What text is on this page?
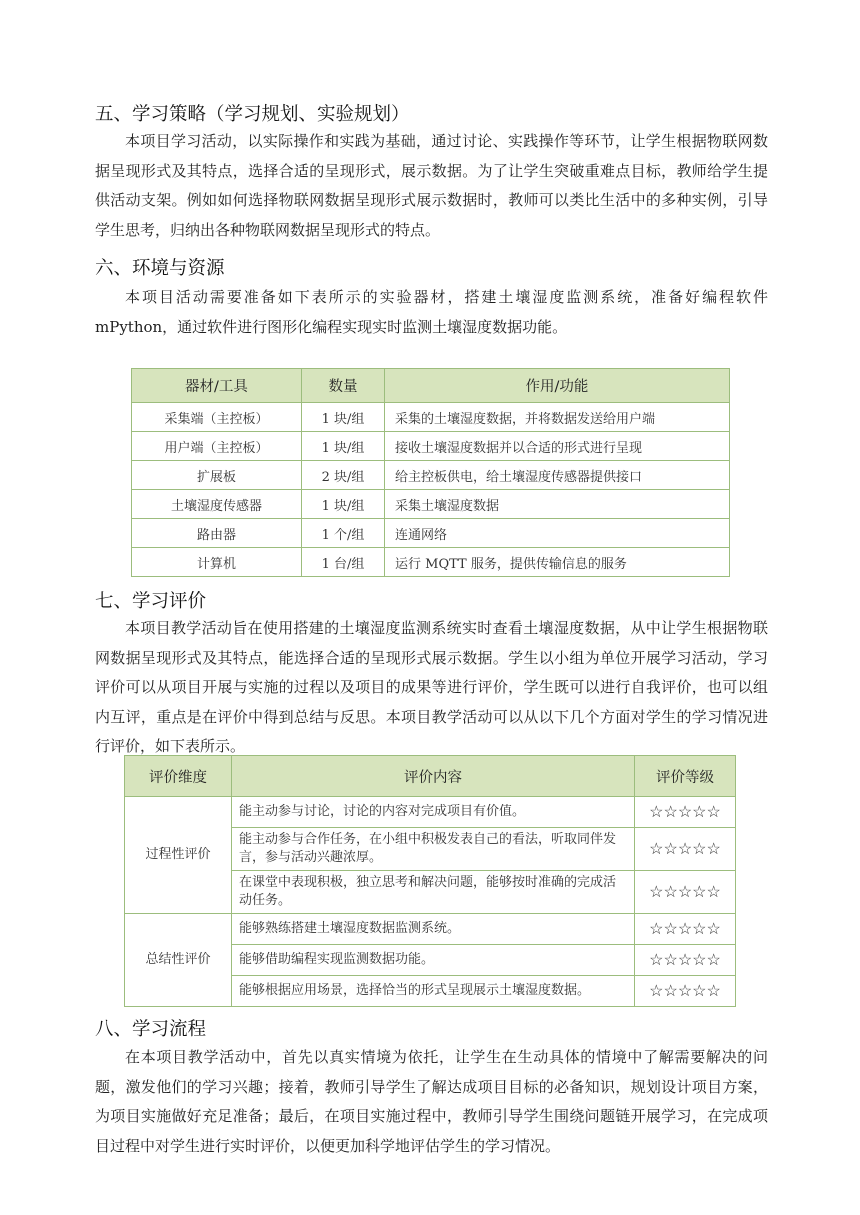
五、学习策略（学习规划、实验规划）

本项目学习活动，以实际操作和实践为基础，通过讨论、实践操作等环节，让学生根据物联网数据呈现形式及其特点，选择合适的呈现形式，展示数据。为了让学生突破重难点目标，教师给学生提供活动支架。例如如何选择物联网数据呈现形式展示数据时，教师可以类比生活中的多种实例，引导学生思考，归纳出各种物联网数据呈现形式的特点。

六、环境与资源

本项目活动需要准备如下表所示的实验器材，搭建土壤湿度监测系统，准备好编程软件mPython，通过软件进行图形化编程实现实时监测土壤湿度数据功能。

器材/工具	数量	作用/功能
采集端（主控板）	1 块/组	采集的土壤湿度数据，并将数据发送给用户端
用户端（主控板）	1 块/组	接收土壤湿度数据并以合适的形式进行呈现
扩展板	2 块/组	给主控板供电，给土壤湿度传感器提供接口
土壤湿度传感器	1 块/组	采集土壤湿度数据
路由器	1 个/组	连通网络
计算机	1 台/组	运行 MQTT 服务，提供传输信息的服务
七、学习评价

本项目教学活动旨在使用搭建的土壤湿度监测系统实时查看土壤湿度数据，从中让学生根据物联网数据呈现形式及其特点，能选择合适的呈现形式展示数据。学生以小组为单位开展学习活动，学习评价可以从项目开展与实施的过程以及项目的成果等进行评价，学生既可以进行自我评价，也可以组内互评，重点是在评价中得到总结与反思。本项目教学活动可以从以下几个方面对学生的学习情况进行评价，如下表所示。

评价维度	评价内容	评价等级
过程性评价	能主动参与讨论，讨论的内容对完成项目有价值。	☆☆☆☆☆
	能主动参与合作任务，在小组中积极发表自己的看法，听取同伴发言，参与活动兴趣浓厚。	☆☆☆☆☆
	在课堂中表现积极，独立思考和解决问题，能够按时准确的完成活动任务。	☆☆☆☆☆
总结性评价	能够熟练搭建土壤湿度数据监测系统。	☆☆☆☆☆
	能够借助编程实现监测数据功能。	☆☆☆☆☆
	能够根据应用场景，选择恰当的形式呈现展示土壤湿度数据。	☆☆☆☆☆
八、学习流程

在本项目教学活动中，首先以真实情境为依托，让学生在生动具体的情境中了解需要解决的问题，激发他们的学习兴趣；接着，教师引导学生了解达成项目目标的必备知识，规划设计项目方案，为项目实施做好充足准备；最后，在项目实施过程中，教师引导学生围绕问题链开展学习，在完成项目过程中对学生进行实时评价，以便更加科学地评估学生的学习情况。
